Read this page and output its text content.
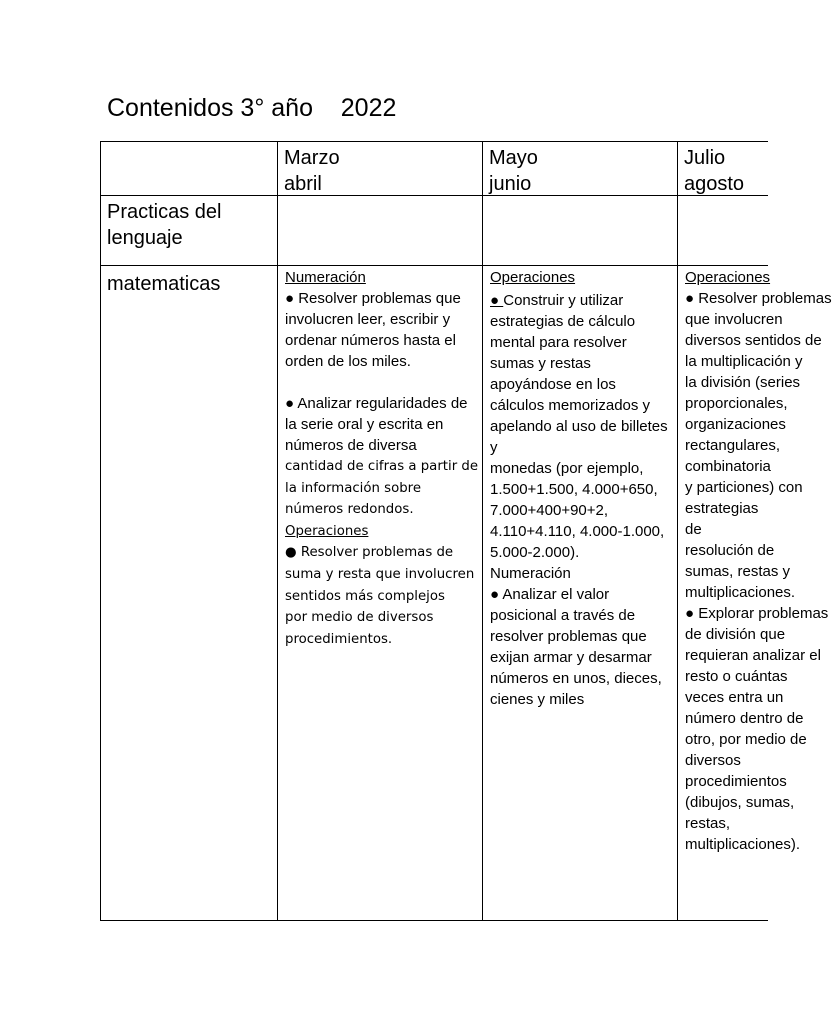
Contenidos 3° año    2022
Marzo
abril
Mayo
junio
Julio
agosto
Practicas del lenguaje
matematicas	Numeración

● Resolver problemas que involucren leer, escribir y ordenar números hasta el orden de los miles.

● Analizar regularidades de la serie oral y escrita en números de diversa

cantidad de cifras a partir de la información sobre números redondos.

Operaciones

● Resolver problemas de suma y resta que involucren sentidos más complejos

por medio de diversos procedimientos.

Operaciones

● Construir y utilizar estrategias de cálculo mental para resolver sumas y restas apoyándose en los cálculos memorizados y apelando al uso de billetes y

monedas (por ejemplo, 1.500+1.500, 4.000+650, 7.000+400+90+2, 4.110+4.110, 4.000-1.000, 5.000-2.000).

Numeración

● Analizar el valor posicional a través de resolver problemas que exijan armar y desarmar números en unos, dieces, cienes y miles

Operaciones

● Resolver problemas

que involucren

diversos sentidos de

la multiplicación y

la división (series

proporcionales,

organizaciones

rectangulares,

combinatoria

y particiones) con

estrategias

de

resolución de

sumas, restas y

multiplicaciones.

● Explorar problemas

de división que

requieran analizar el

resto o cuántas

veces entra un

número dentro de

otro, por medio de

diversos

procedimientos

(dibujos, sumas,

restas,

multiplicaciones).
